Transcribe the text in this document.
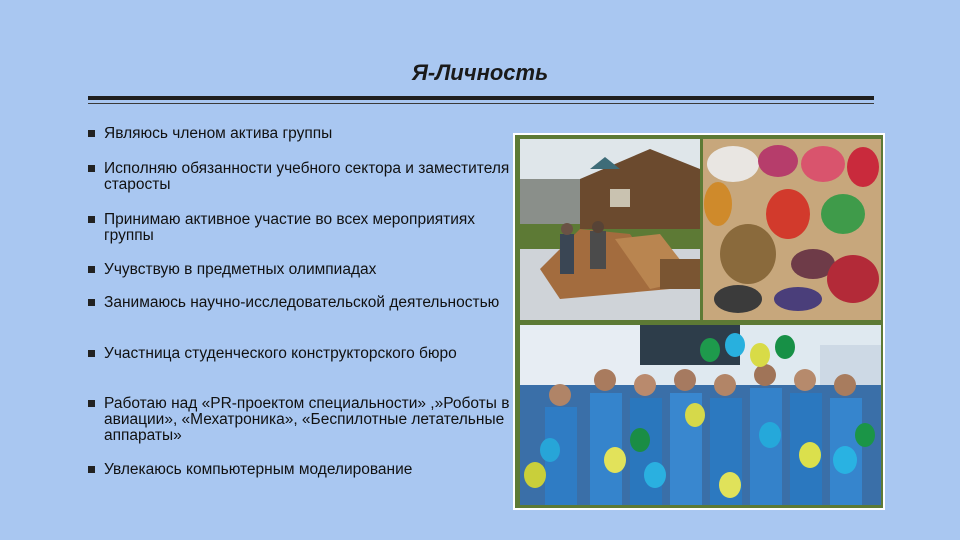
Я-Личность
Являюсь членом актива группы
Исполняю обязанности учебного сектора и заместителя старосты
Принимаю активное участие во всех мероприятиях группы
Учувствую в предметных олимпиадах
Занимаюсь научно-исследовательской деятельностью
Участница студенческого конструкторского бюро
Работаю над «PR-проектом специальности» ,»Роботы в авиации», «Мехатроника», «Беспилотные летательные аппараты»
Увлекаюсь компьютерным моделирование
